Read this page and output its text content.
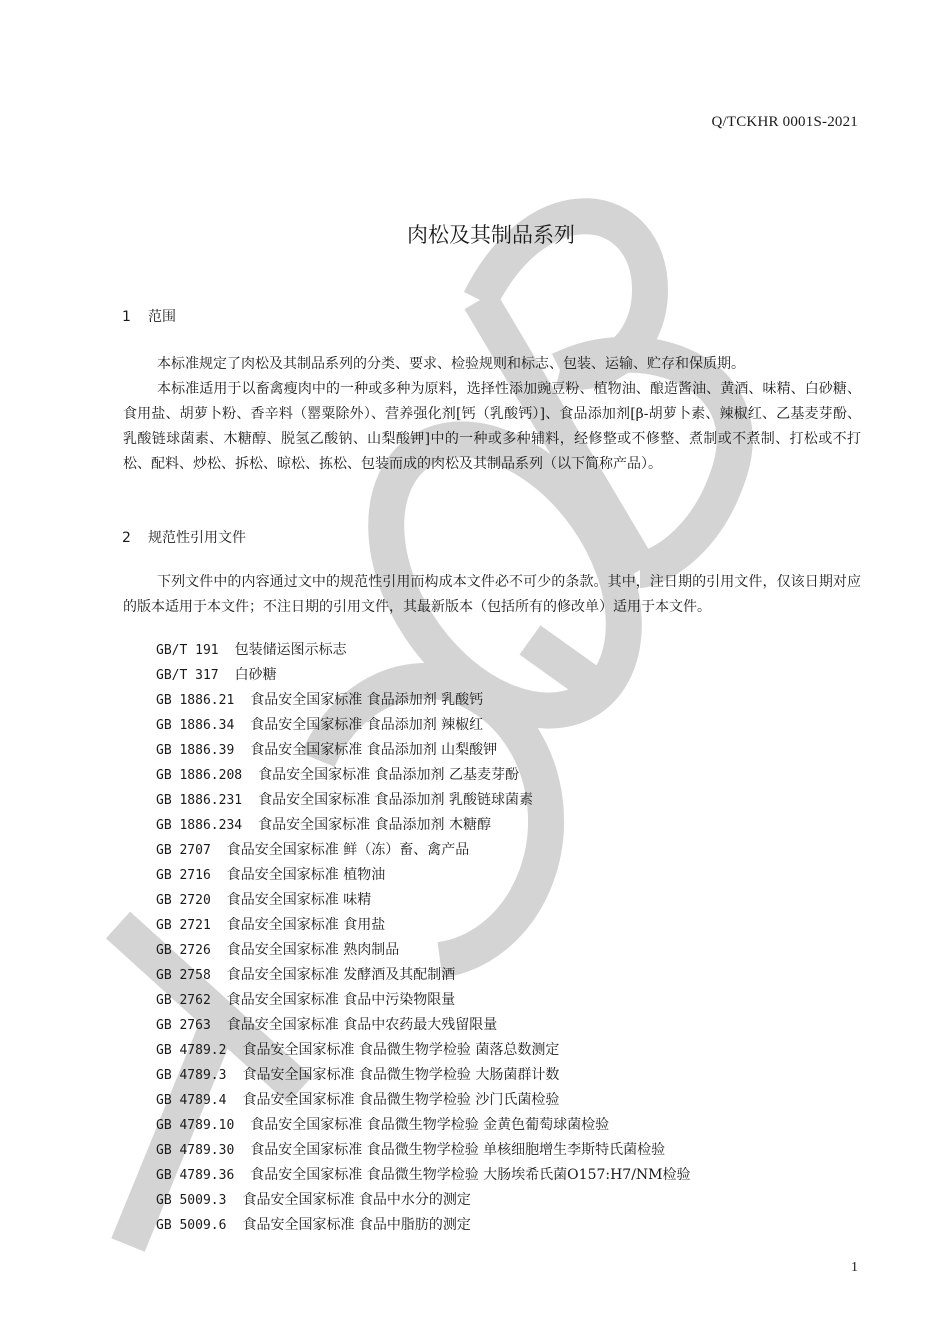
Q/TCKHR 0001S-2021
肉松及其制品系列
1 范围

本标准规定了肉松及其制品系列的分类、要求、检验规则和标志、包装、运输、贮存和保质期。

本标准适用于以畜禽瘦肉中的一种或多种为原料，选择性添加豌豆粉、植物油、酿造酱油、黄酒、味精、白砂糖、食用盐、胡萝卜粉、香辛料（罂粟除外）、营养强化剂[钙（乳酸钙）]、食品添加剂[β-胡萝卜素、辣椒红、乙基麦芽酚、乳酸链球菌素、木糖醇、脱氢乙酸钠、山梨酸钾]中的一种或多种辅料，经修整或不修整、煮制或不煮制、打松或不打松、配料、炒松、拆松、晾松、拣松、包装而成的肉松及其制品系列（以下简称产品）。

2 规范性引用文件

下列文件中的内容通过文中的规范性引用而构成本文件必不可少的条款。其中，注日期的引用文件，仅该日期对应的版本适用于本文件；不注日期的引用文件，其最新版本（包括所有的修改单）适用于本文件。

GB/T 191 包装储运图示标志
GB/T 317 白砂糖
GB 1886.21 食品安全国家标准 食品添加剂 乳酸钙
GB 1886.34 食品安全国家标准 食品添加剂 辣椒红
GB 1886.39 食品安全国家标准 食品添加剂 山梨酸钾
GB 1886.208 食品安全国家标准 食品添加剂 乙基麦芽酚
GB 1886.231 食品安全国家标准 食品添加剂 乳酸链球菌素
GB 1886.234 食品安全国家标准 食品添加剂 木糖醇
GB 2707 食品安全国家标准 鲜（冻）畜、禽产品
GB 2716 食品安全国家标准 植物油
GB 2720 食品安全国家标准 味精
GB 2721 食品安全国家标准 食用盐
GB 2726 食品安全国家标准 熟肉制品
GB 2758 食品安全国家标准 发酵酒及其配制酒
GB 2762 食品安全国家标准 食品中污染物限量
GB 2763 食品安全国家标准 食品中农药最大残留限量
GB 4789.2 食品安全国家标准 食品微生物学检验 菌落总数测定
GB 4789.3 食品安全国家标准 食品微生物学检验 大肠菌群计数
GB 4789.4 食品安全国家标准 食品微生物学检验 沙门氏菌检验
GB 4789.10 食品安全国家标准 食品微生物学检验 金黄色葡萄球菌检验
GB 4789.30 食品安全国家标准 食品微生物学检验 单核细胞增生李斯特氏菌检验
GB 4789.36 食品安全国家标准 食品微生物学检验 大肠埃希氏菌O157:H7/NM检验
GB 5009.3 食品安全国家标准 食品中水分的测定
GB 5009.6 食品安全国家标准 食品中脂肪的测定
1
